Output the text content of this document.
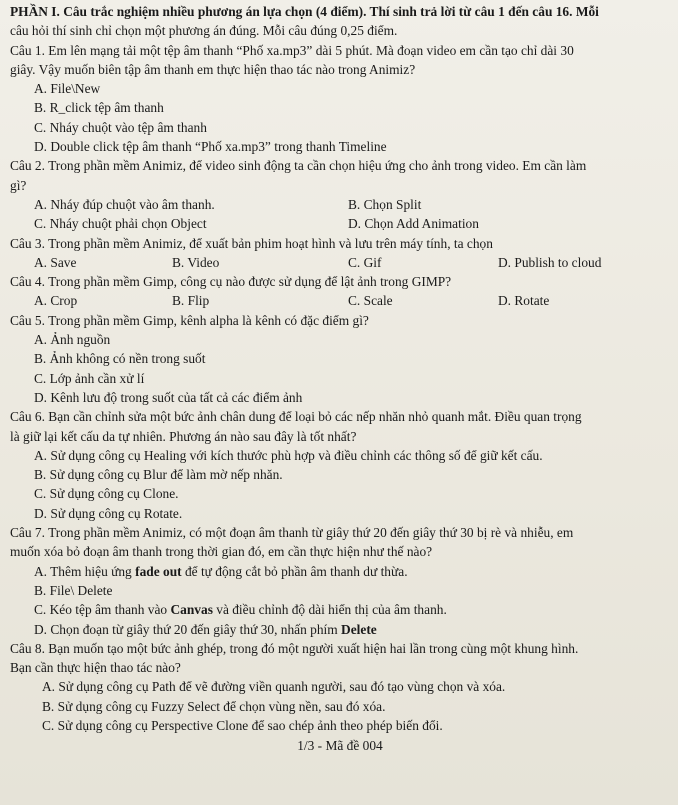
PHẦN I. Câu trắc nghiệm nhiều phương án lựa chọn (4 điểm). Thí sinh trả lời từ câu 1 đến câu 16. Mỗi
câu hỏi thí sinh chỉ chọn một phương án đúng. Mỗi câu đúng 0,25 điểm.
Câu 1. Em lên mạng tải một tệp âm thanh “Phố xa.mp3” dài 5 phút. Mà đoạn video em cần tạo chỉ dài 30
giây. Vậy muốn biên tập âm thanh em thực hiện thao tác nào trong Animiz?
A. File\New
B. R_click tệp âm thanh
C. Nháy chuột vào tệp âm thanh
D. Double click tệp âm thanh “Phố xa.mp3” trong thanh Timeline
Câu 2. Trong phần mềm Animiz, để video sinh động ta cần chọn hiệu ứng cho ảnh trong video. Em cần làm
gì?
A. Nháy đúp chuột vào âm thanh.	B. Chọn Split
C. Nháy chuột phải chọn Object	D. Chọn Add Animation
Câu 3. Trong phần mềm Animiz, để xuất bản phim hoạt hình và lưu trên máy tính, ta chọn
A. Save	B. Video	C. Gif	D. Publish to cloud
Câu 4. Trong phần mềm Gimp, công cụ nào được sử dụng để lật ảnh trong GIMP?
A. Crop	B. Flip	C. Scale	D. Rotate
Câu 5. Trong phần mềm Gimp, kênh alpha là kênh có đặc điểm gì?
A. Ảnh nguồn
B. Ảnh không có nền trong suốt
C. Lớp ảnh cần xử lí
D. Kênh lưu độ trong suốt của tất cả các điểm ảnh
Câu 6. Bạn cần chỉnh sửa một bức ảnh chân dung để loại bỏ các nếp nhăn nhỏ quanh mắt. Điều quan trọng
là giữ lại kết cấu da tự nhiên. Phương án nào sau đây là tốt nhất?
A. Sử dụng công cụ Healing với kích thước phù hợp và điều chỉnh các thông số để giữ kết cấu.
B. Sử dụng công cụ Blur để làm mờ nếp nhăn.
C. Sử dụng công cụ Clone.
D. Sử dụng công cụ Rotate.
Câu 7. Trong phần mềm Animiz, có một đoạn âm thanh từ giây thứ 20 đến giây thứ 30 bị rè và nhiễu, em
muốn xóa bỏ đoạn âm thanh trong thời gian đó, em cần thực hiện như thế nào?
A. Thêm hiệu ứng fade out để tự động cắt bỏ phần âm thanh dư thừa.
B. File\ Delete
C. Kéo tệp âm thanh vào Canvas và điều chỉnh độ dài hiển thị của âm thanh.
D. Chọn đoạn từ giây thứ 20 đến giây thứ 30, nhấn phím Delete
Câu 8. Bạn muốn tạo một bức ảnh ghép, trong đó một người xuất hiện hai lần trong cùng một khung hình.
Bạn cần thực hiện thao tác nào?
A. Sử dụng công cụ Path để vẽ đường viền quanh người, sau đó tạo vùng chọn và xóa.
B. Sử dụng công cụ Fuzzy Select để chọn vùng nền, sau đó xóa.
C. Sử dụng công cụ Perspective Clone để sao chép ảnh theo phép biến đổi.
1/3 - Mã đề 004
